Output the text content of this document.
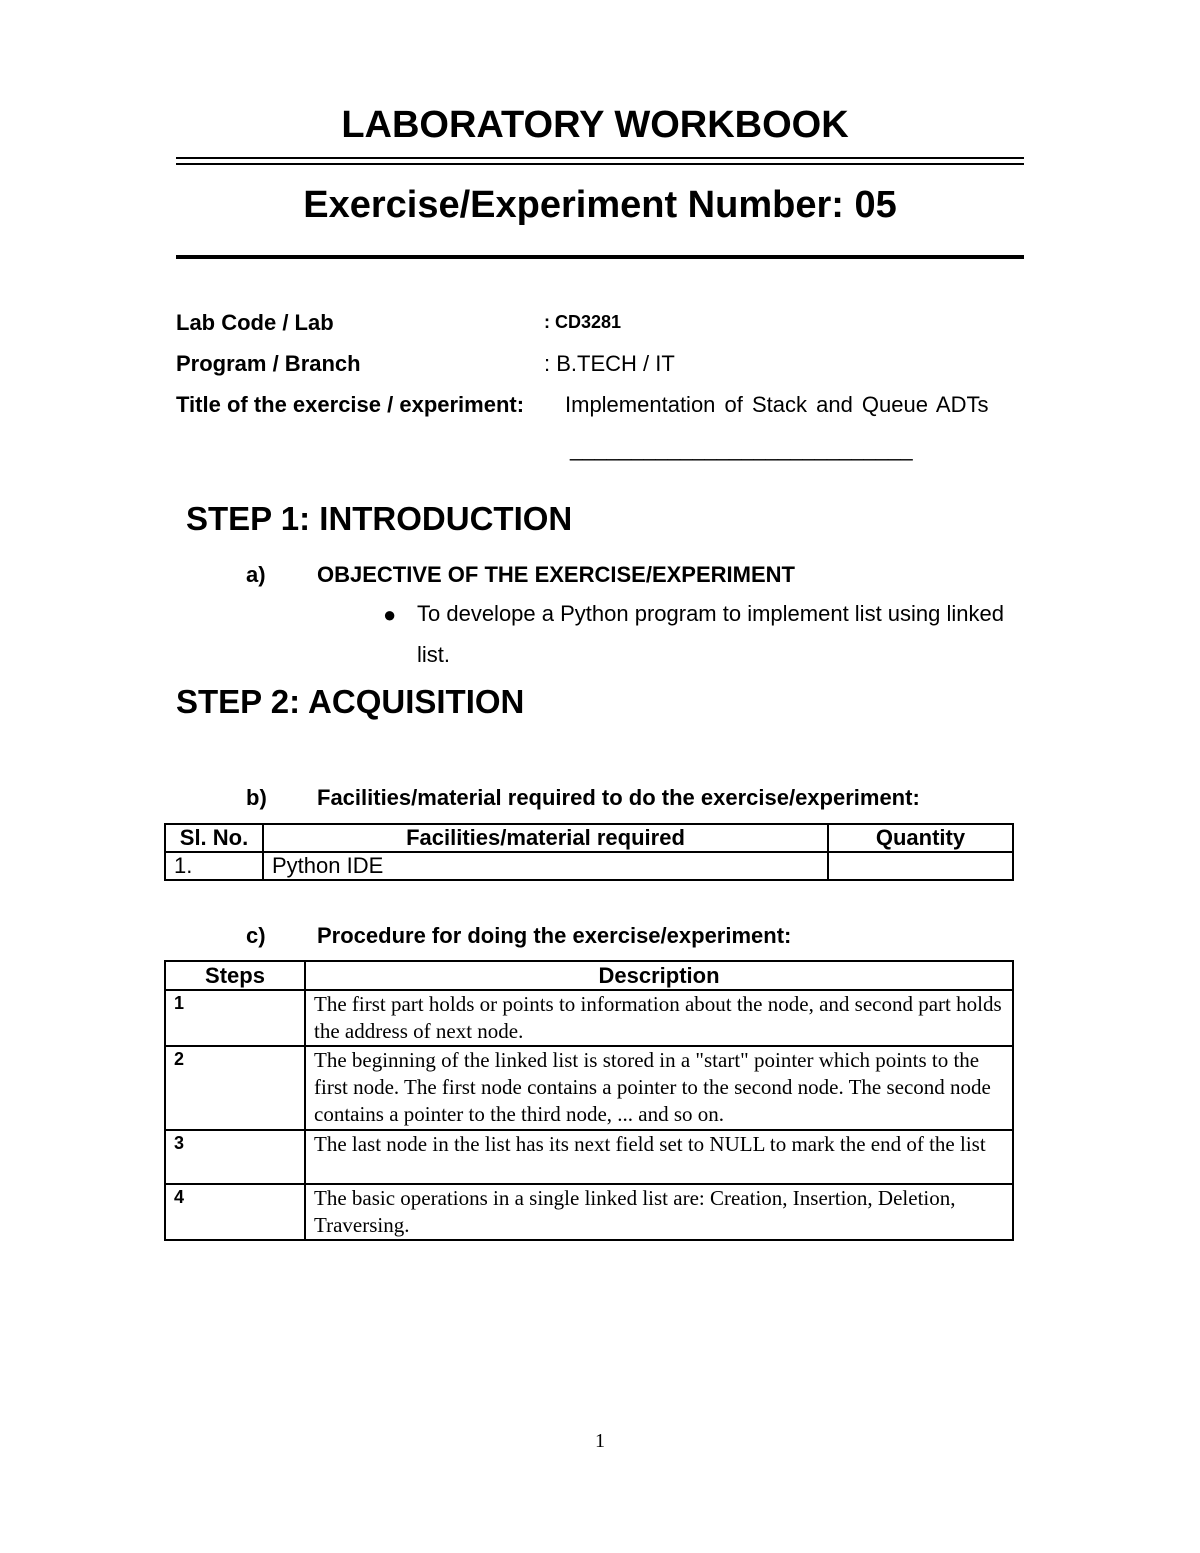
LABORATORY WORKBOOK
Exercise/Experiment Number: 05
Lab Code / Lab	: CD3281
Program / Branch	: B.TECH / IT
Title of the exercise / experiment: Implementation of Stack and Queue ADTs
____________________________
STEP 1: INTRODUCTION
a) OBJECTIVE OF THE EXERCISE/EXPERIMENT
● To develope a Python program to implement list using linked list.
STEP 2: ACQUISITION
b) Facilities/material required to do the exercise/experiment:
Sl. No.	Facilities/material required	Quantity
1.	Python IDE	
c) Procedure for doing the exercise/experiment:
Steps	Description
1	The first part holds or points to information about the node, and second part holds the address of next node.
2	The beginning of the linked list is stored in a "start" pointer which points to the first node. The first node contains a pointer to the second node. The second node contains a pointer to the third node, ... and so on.
3	The last node in the list has its next field set to NULL to mark the end of the list
4	The basic operations in a single linked list are: Creation, Insertion, Deletion, Traversing.
1
